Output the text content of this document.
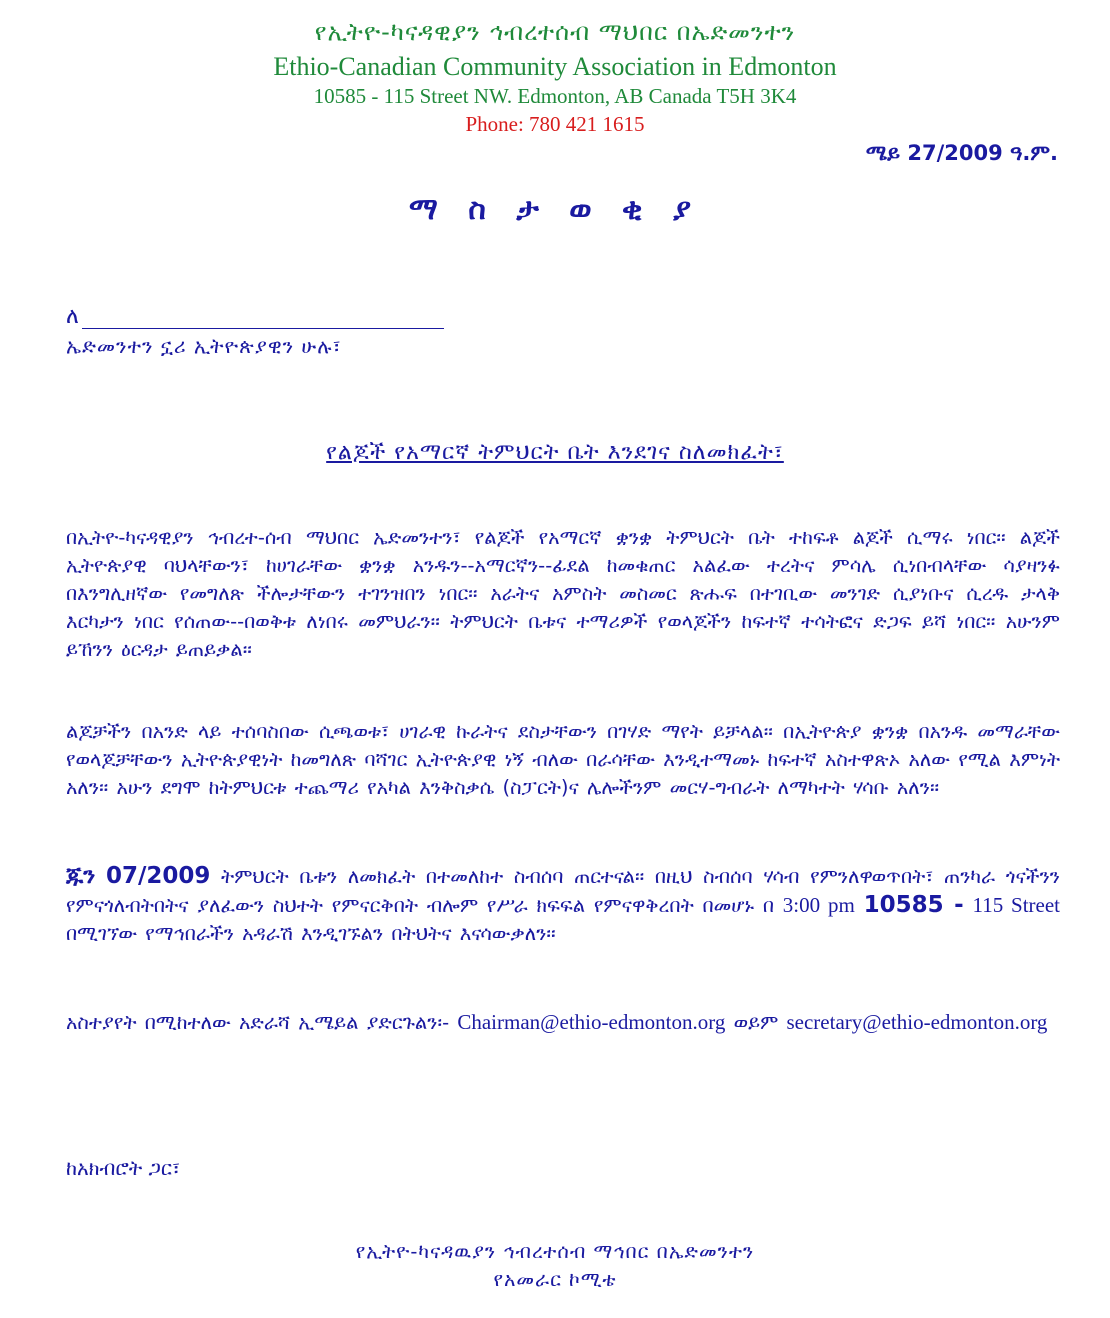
የኢትዮ-ካናዳዊያን ኅብረተሰብ ማህበር በኤድመንተን
Ethio-Canadian Community Association in Edmonton
10585 - 115 Street NW. Edmonton, AB Canada T5H 3K4
Phone: 780 421 1615
ሜይ 27/2009 ዓ.ም.
ማ ስ ታ ወ ቂ ያ
ለ
ኤድመንተን ኗሪ ኢትዮጵያዊን ሁሉ፣
የልጆች የአማርኛ ትምህርት ቤት እንደገና ስለመክፈት፣
በኢትዮ-ካናዳዊያን ኅብረተ-ሰብ ማህበር ኤድመንተን፣ የልጆች የአማርኛ ቋንቋ ትምህርት ቤት ተከፍቶ ልጆች ሲማሩ ነበር፡፡ ልጆች ኢትዮጵያዊ ባህላቸውን፣ ከሀገራቸው ቋንቋ አንዱን--አማርኛን--ፊደል ከመቁጠር አልፈው ተረትና ምሳሌ ሲነበብላቸው ሳያዛንፉ በእንግሊዘኛው የመግለጽ ችሎታቸውን ተገንዝበን ነበር፡፡ አራትና አምስት መስመር ጽሑፍ በተገቢው መንገድ ሲያነቡና ሲረዱ ታላቅ እርካታን ነበር የሰጠው--በወቅቱ ለነበሩ መምህራን፡፡ ትምህርት ቤቱና ተማሪዎች የወላጆችን ከፍተኛ ተሳትፎና ድጋፍ ይሻ ነበር፡፡ አሁንም ይኸንን ዕርዳታ ይጠይቃል፡፡
ልጆቻችን በአንድ ላይ ተሰባስበው ሲጫወቱ፣ ሀገራዊ ኩራትና ደስታቸውን በገሃድ ማየት ይቻላል፡፡ በኢትዮጵያ ቋንቋ በአንዱ መማራቸው የወላጆቻቸውን ኢትዮጵያዊነት ከመግለጽ ባሻገር ኢትዮጵያዊ ነኝ ብለው በራሳቸው እንዲተማመኑ ከፍተኛ አስተዋጽኦ አለው የሚል እምነት አለን፡፡ አሁን ደግሞ ከትምህርቱ ተጨማሪ የአካል እንቅስቃሴ (ስፓርት)ና ሌሎችንም መርሃ-ግብራት ለማካተት ሃሳቡ አለን፡፡
ጁን 07/2009 ትምህርት ቤቱን ለመክፈት በተመለከተ ስብሰባ ጠርተናል፡፡ በዚህ ስብሰባ ሃሳብ የምንለዋወጥበት፣ ጠንካራ ጎናችንን የምናጎለብትበትና ያለፈውን ስህተት የምናርቅበት ብሎም የሥራ ክፍፍል የምናዋቅረበት በመሆኑ በ 3:00 pm 10585 - 115 Street በሚገኘው የማኅበራችን አዳራሽ እንዲገኙልን በትህትና እናሳውቃለን፡፡
አስተያየት በሚከተለው አድራሻ ኢሜይል ያድርጉልን፡- Chairman@ethio-edmonton.org ወይም secretary@ethio-edmonton.org
ከአክብሮት ጋር፣
የኢትዮ-ካናዳዉያን ኅብረተሰብ ማኅበር በኤድመንተን
የአመራር ኮሚቴ
